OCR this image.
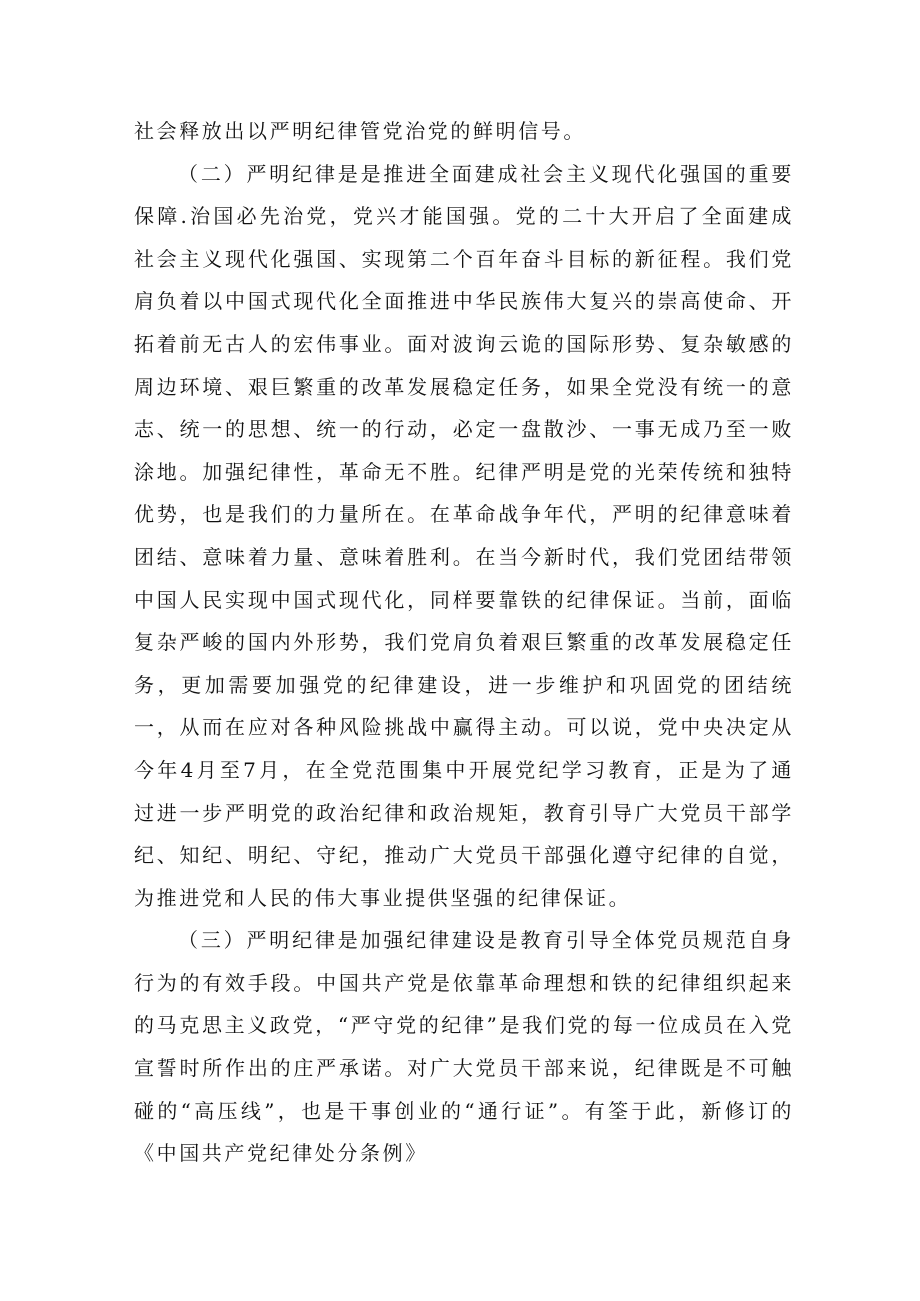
社会释放出以严明纪律管党治党的鲜明信号。

（二）严明纪律是是推进全面建成社会主义现代化强国的重要保障.治国必先治党，党兴才能国强。党的二十大开启了全面建成社会主义现代化强国、实现第二个百年奋斗目标的新征程。我们党肩负着以中国式现代化全面推进中华民族伟大复兴的崇高使命、开拓着前无古人的宏伟事业。面对波询云诡的国际形势、复杂敏感的周边环境、艰巨繁重的改革发展稳定任务，如果全党没有统一的意志、统一的思想、统一的行动，必定一盘散沙、一事无成乃至一败涂地。加强纪律性，革命无不胜。纪律严明是党的光荣传统和独特优势，也是我们的力量所在。在革命战争年代，严明的纪律意味着团结、意味着力量、意味着胜利。在当今新时代，我们党团结带领中国人民实现中国式现代化，同样要靠铁的纪律保证。当前，面临复杂严峻的国内外形势，我们党肩负着艰巨繁重的改革发展稳定任务，更加需要加强党的纪律建设，进一步维护和巩固党的团结统一，从而在应对各种风险挑战中赢得主动。可以说，党中央决定从今年4月至7月，在全党范围集中开展党纪学习教育，正是为了通过进一步严明党的政治纪律和政治规矩，教育引导广大党员干部学纪、知纪、明纪、守纪，推动广大党员干部强化遵守纪律的自觉，为推进党和人民的伟大事业提供坚强的纪律保证。

（三）严明纪律是加强纪律建设是教育引导全体党员规范自身行为的有效手段。中国共产党是依靠革命理想和铁的纪律组织起来的马克思主义政党，“严守党的纪律”是我们党的每一位成员在入党宣誓时所作出的庄严承诺。对广大党员干部来说，纪律既是不可触碰的“高压线”，也是干事创业的“通行证”。有筌于此，新修订的《中国共产党纪律处分条例》
